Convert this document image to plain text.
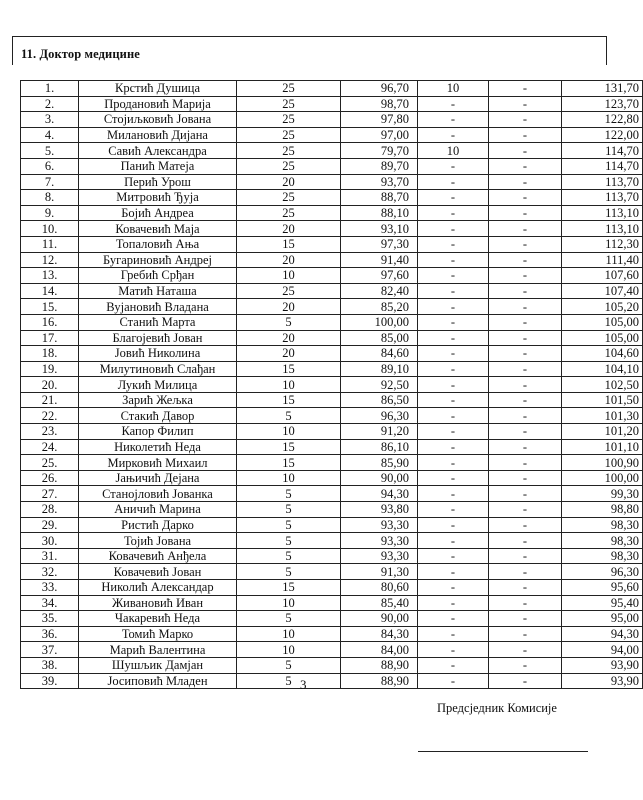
11. Доктор медицине
1.	Крстић Душица	25	96,70	10	-	131,70
2.	Продановић Марија	25	98,70	-	-	123,70
3.	Стојиљковић Јована	25	97,80	-	-	122,80
4.	Милановић Дијана	25	97,00	-	-	122,00
5.	Савић Александра	25	79,70	10	-	114,70
6.	Панић Матеја	25	89,70	-	-	114,70
7.	Перић Урош	20	93,70	-	-	113,70
8.	Митровић Ђуја	25	88,70	-	-	113,70
9.	Бојић Андреа	25	88,10	-	-	113,10
10.	Ковачевић Маја	20	93,10	-	-	113,10
11.	Топаловић Ања	15	97,30	-	-	112,30
12.	Бугариновић Андреј	20	91,40	-	-	111,40
13.	Гребић Срђан	10	97,60	-	-	107,60
14.	Матић Наташа	25	82,40	-	-	107,40
15.	Вујановић Владана	20	85,20	-	-	105,20
16.	Станић Марта	5	100,00	-	-	105,00
17.	Благојевић Јован	20	85,00	-	-	105,00
18.	Јовић Николина	20	84,60	-	-	104,60
19.	Милутиновић Слађан	15	89,10	-	-	104,10
20.	Лукић Милица	10	92,50	-	-	102,50
21.	Зарић Жељка	15	86,50	-	-	101,50
22.	Стакић Давор	5	96,30	-	-	101,30
23.	Капор Филип	10	91,20	-	-	101,20
24.	Николетић Неда	15	86,10	-	-	101,10
25.	Мирковић Михаил	15	85,90	-	-	100,90
26.	Јањичић Дејана	10	90,00	-	-	100,00
27.	Станојловић Јованка	5	94,30	-	-	99,30
28.	Аничић Марина	5	93,80	-	-	98,80
29.	Ристић Дарко	5	93,30	-	-	98,30
30.	Тојић Јована	5	93,30	-	-	98,30
31.	Ковачевић Анђела	5	93,30	-	-	98,30
32.	Ковачевић Јован	5	91,30	-	-	96,30
33.	Николић Александар	15	80,60	-	-	95,60
34.	Живановић Иван	10	85,40	-	-	95,40
35.	Чакаревић Неда	5	90,00	-	-	95,00
36.	Томић Марко	10	84,30	-	-	94,30
37.	Марић Валентина	10	84,00	-	-	94,00
38.	Шушљик Дамјан	5	88,90	-	-	93,90
39.	Јосиповић Младен	5	88,90	-	-	93,90
3
Предсједник Комисије
